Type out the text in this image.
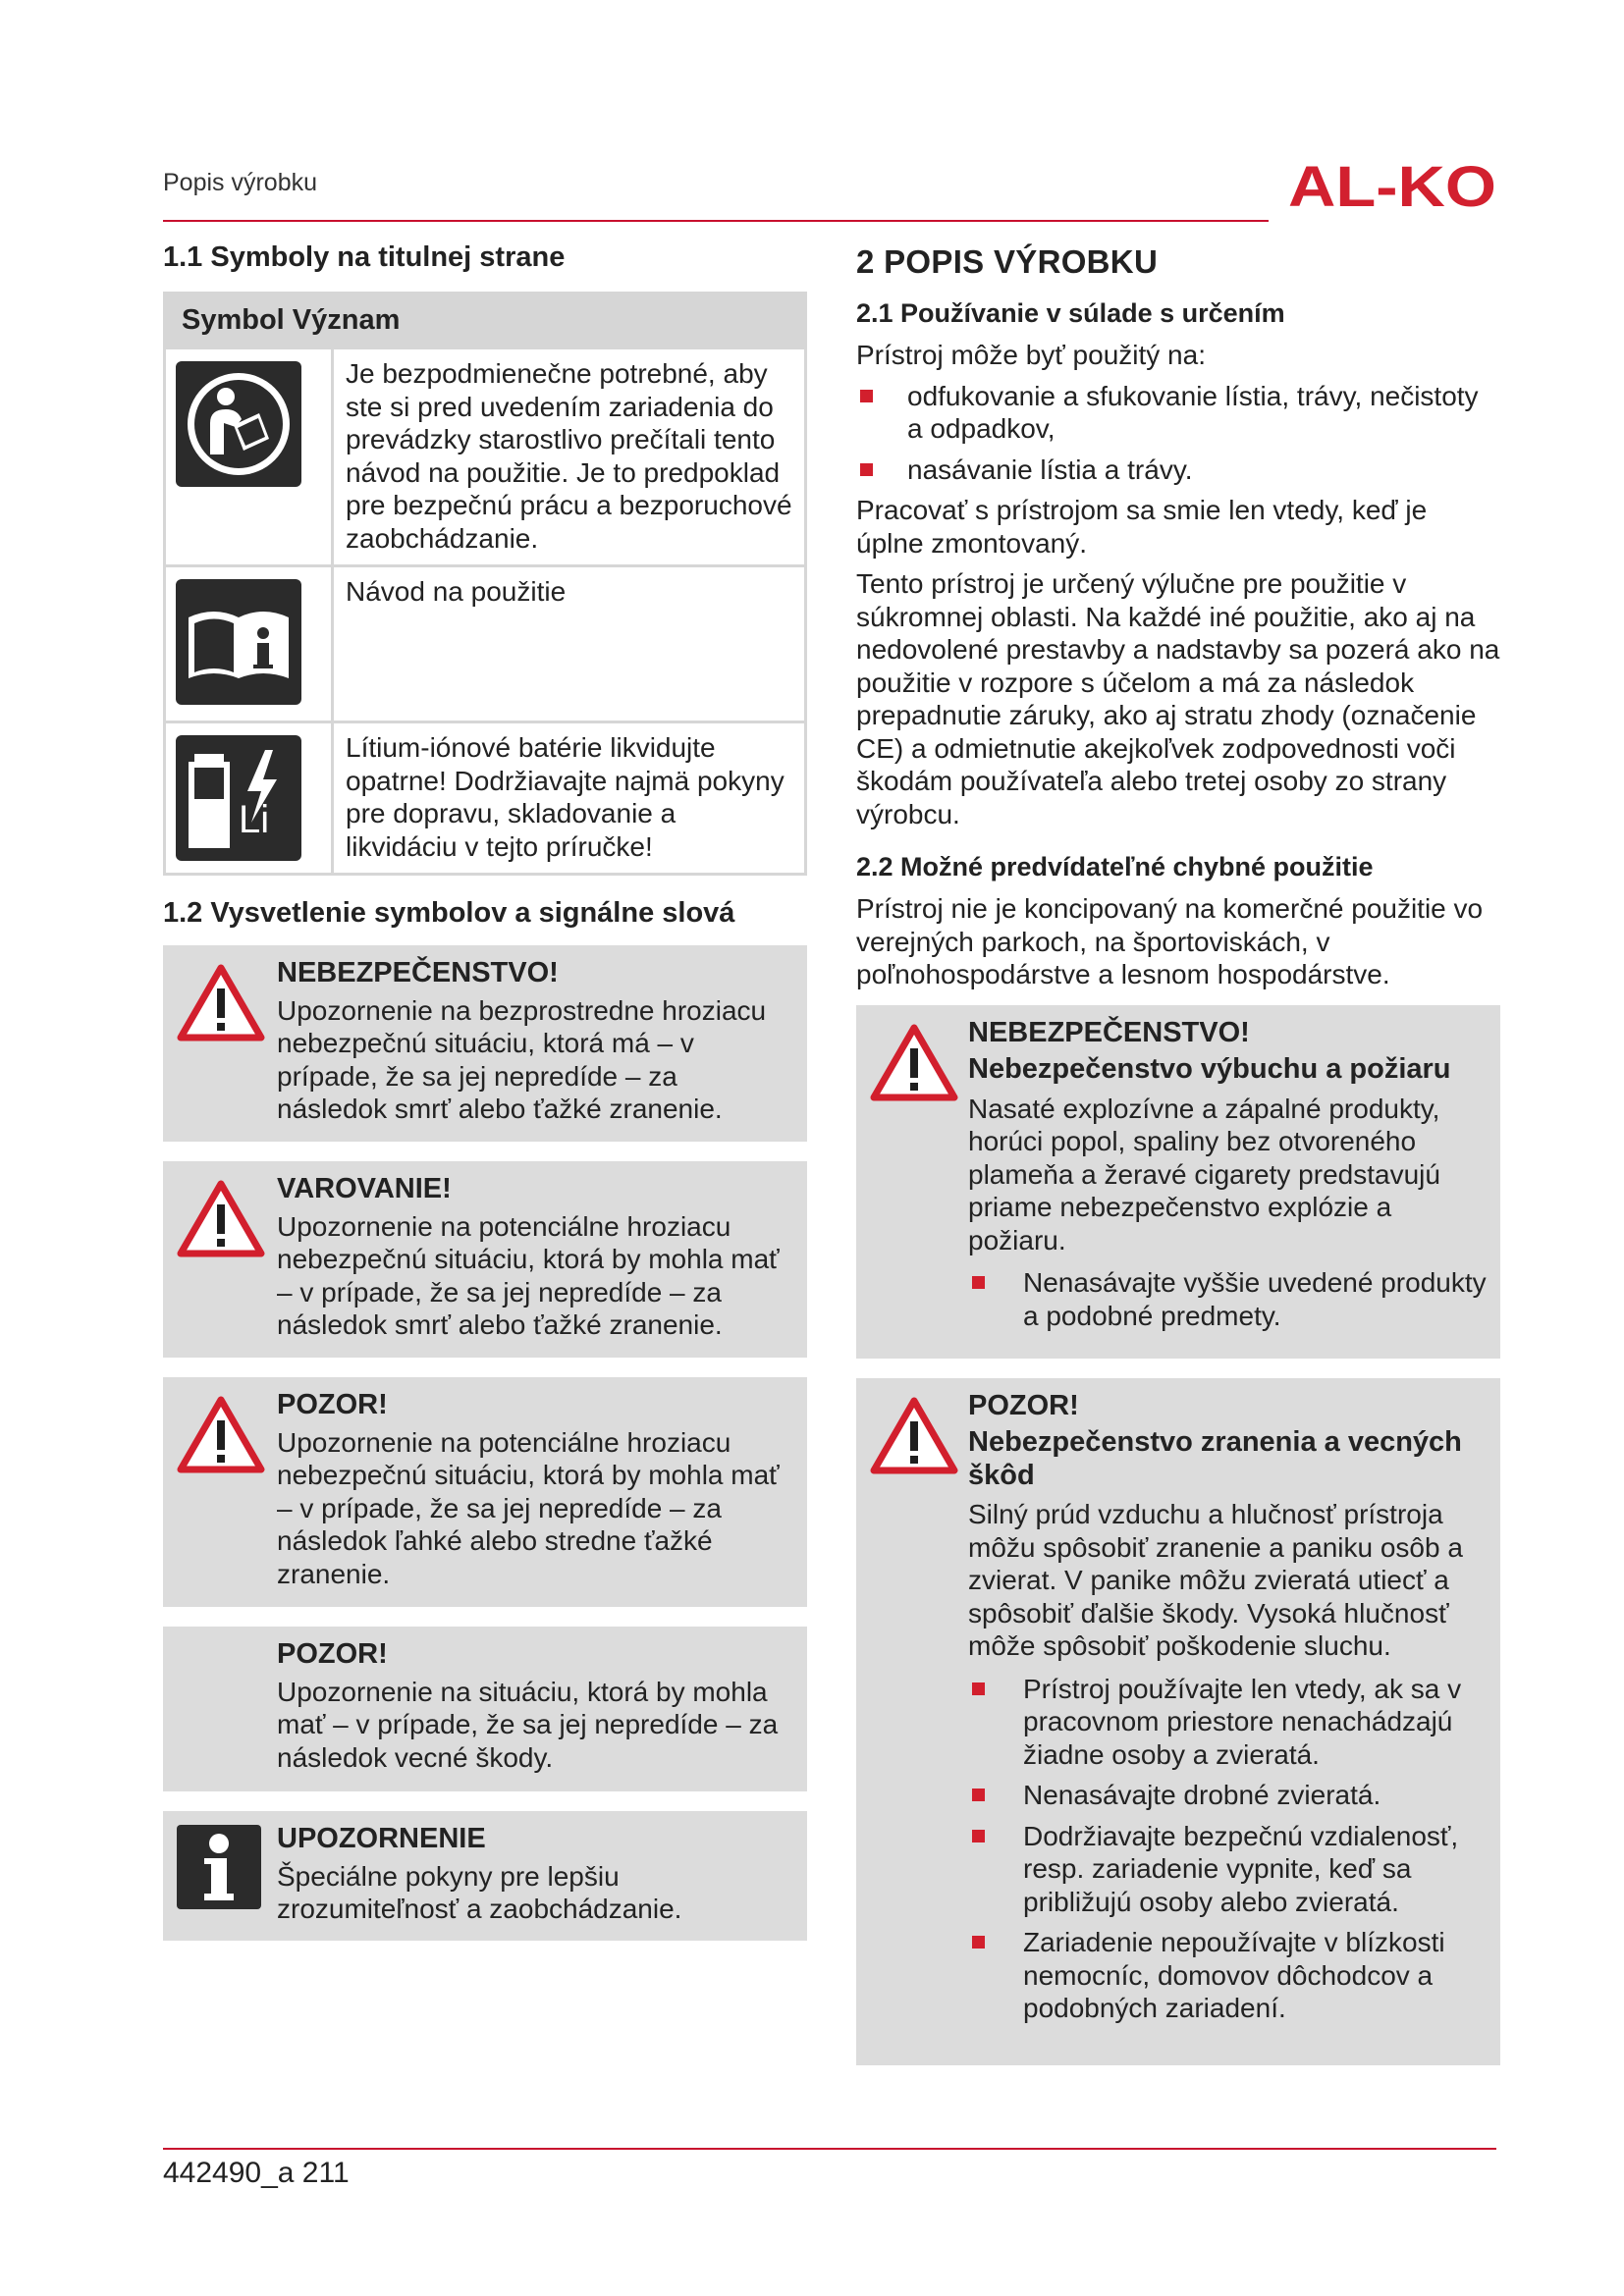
Popis výrobku	AL-KO
1.1 Symboly na titulnej strane
Symbol Význam	

	Je bezpodmienečne potrebné, aby ste si pred uvedením zariadenia do prevádzky starostlivo prečítali tento návod na použitie. Je to predpoklad pre bezpečnú prácu a bezporuchové zaobchádzanie.

	Návod na použitie

Li	Lítium-iónové batérie likvidujte opatrne! Dodržiavajte najmä pokyny pre dopravu, skladovanie a likvidáciu v tejto príručke!
1.2 Vysvetlenie symbolov a signálne slová
NEBEZPEČENSTVO!
Upozornenie na bezprostredne hroziacu nebezpečnú situáciu, ktorá má – v prípade, že sa jej nepredíde – za následok smrť alebo ťažké zranenie.
VAROVANIE!
Upozornenie na potenciálne hroziacu nebezpečnú situáciu, ktorá by mohla mať – v prípade, že sa jej nepredíde – za následok smrť alebo ťažké zranenie.
POZOR!
Upozornenie na potenciálne hroziacu nebezpečnú situáciu, ktorá by mohla mať – v prípade, že sa jej nepredíde – za následok ľahké alebo stredne ťažké zranenie.
POZOR!
Upozornenie na situáciu, ktorá by mohla mať – v prípade, že sa jej nepredíde – za následok vecné škody.
UPOZORNENIE
Špeciálne pokyny pre lepšiu zrozumiteľnosť a zaobchádzanie.
2 POPIS VÝROBKU
2.1 Používanie v súlade s určením

Prístroj môže byť použitý na:

odfukovanie a sfukovanie lístia, trávy, nečistoty a odpadkov,
nasávanie lístia a trávy.

Pracovať s prístrojom sa smie len vtedy, keď je úplne zmontovaný.

Tento prístroj je určený výlučne pre použitie v súkromnej oblasti. Na každé iné použitie, ako aj na nedovolené prestavby a nadstavby sa pozerá ako na použitie v rozpore s účelom a má za následok prepadnutie záruky, ako aj stratu zhody (označenie CE) a odmietnutie akejkoľvek zodpovednosti voči škodám používateľa alebo tretej osoby zo strany výrobcu.

2.2 Možné predvídateľné chybné použitie

Prístroj nie je koncipovaný na komerčné použitie vo verejných parkoch, na športoviskách, v poľnohospodárstve a lesnom hospodárstve.

NEBEZPEČENSTVO!
Nebezpečenstvo výbuchu a požiaru
Nasaté explozívne a zápalné produkty, horúci popol, spaliny bez otvoreného plameňa a žeravé cigarety predstavujú priame nebezpečenstvo explózie a požiaru.
Nenasávajte vyššie uvedené produkty a podobné predmety.
POZOR!
Nebezpečenstvo zranenia a vecných škôd
Silný prúd vzduchu a hlučnosť prístroja môžu spôsobiť zranenie a paniku osôb a zvierat. V panike môžu zvieratá utiecť a spôsobiť ďalšie škody. Vysoká hlučnosť môže spôsobiť poškodenie sluchu.
Prístroj používajte len vtedy, ak sa v pracovnom priestore nenachádzajú žiadne osoby a zvieratá.
Nenasávajte drobné zvieratá.
Dodržiavajte bezpečnú vzdialenosť, resp. zariadenie vypnite, keď sa približujú osoby alebo zvieratá.
Zariadenie nepoužívajte v blízkosti nemocníc, domovov dôchodcov a podobných zariadení.
442490_a 211
